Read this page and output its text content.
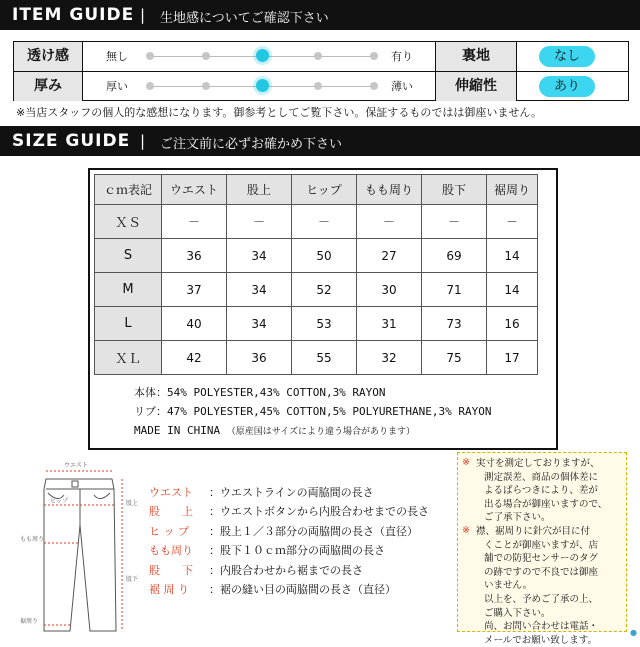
ITEM GUIDE | 生地感についてご確認下さい
透け感	無し	有り	裏地	なし
厚み	厚い	薄い	伸縮性	あり
※当店スタッフの個人的な感想になります。御参考としてご覧下さい。保証するものではは御座いません。
SIZE GUIDE | ご注文前に必ずお確かめ下さい
ｃｍ表記	ウエスト	股上	ヒップ	もも周り	股下	裾周り
ＸＳ	－	－	－	－	－	－
S	36	34	50	27	69	14
M	37	34	52	30	71	14
L	40	34	53	31	73	16
ＸＬ	42	36	55	32	75	17
本体：54% POLYESTER,43% COTTON,3% RAYON
リブ：47% POLYESTER,45% COTTON,5% POLYURETHANE,3% RAYON
MADE IN CHINA （原産国はサイズにより違う場合があります）
ウエスト
ヒップ
もも周り
裾周り
股上
股下
ウエスト ：ウエストラインの両脇間の長さ
股　　上 ：ウエストボタンから内股合わせまでの長さ
ヒ ッ プ ：股上１／３部分の両脇間の長さ（直径）
もも周り ：股下１０ｃｍ部分の両脇間の長さ
股　　下 ：内股合わせから裾までの長さ
裾 周 り ：裾の縫い目の両脇間の長さ（直径）
※ 実寸を測定しておりますが、

測定誤差、商品の個体差に

よるばらつきにより、差が

出る場合が御座いますので、

ご了承下さい。

※ 襟、裾周りに針穴が目に付

くことが御座いますが、店

舗での防犯センサーのタグ

の跡ですので不良では御座

いません。

以上を、予めご了承の上、

ご購入下さい。

尚、お問い合わせは電話・

メールでお願い致します。

●
